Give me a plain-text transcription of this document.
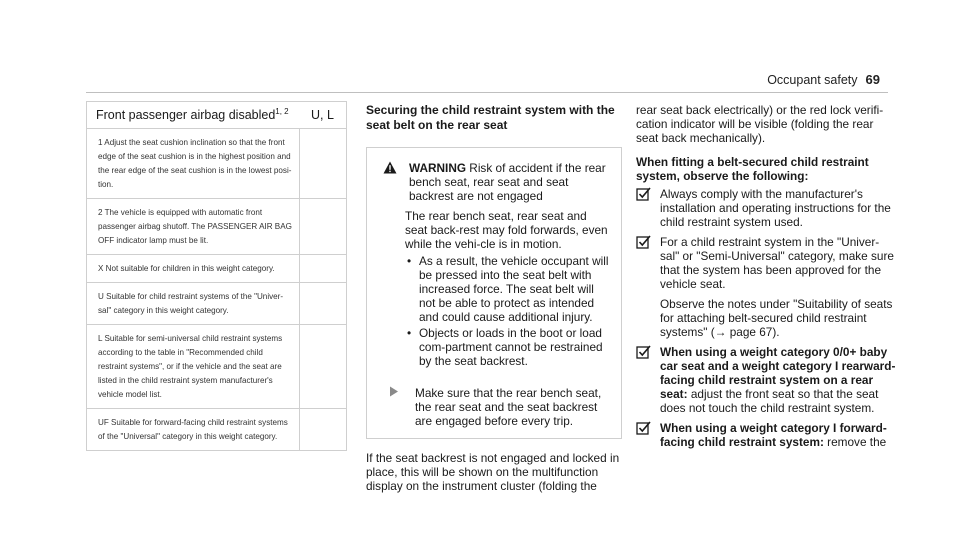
Occupant safety 69
Front passenger airbag disabled$^{1, 2}$	U, L
1 Adjust the seat cushion inclination so that the front edge of the seat cushion is in the highest position and the rear edge of the seat cushion is in the lowest posi-tion.
2 The vehicle is equipped with automatic front passenger airbag shutoff. The PASSENGER AIR BAG OFF indicator lamp must be lit.
X Not suitable for children in this weight category.
U Suitable for child restraint systems of the "Univer-sal" category in this weight category.
L Suitable for semi-universal child restraint systems according to the table in "Recommended child restraint systems", or if the vehicle and the seat are listed in the child restraint system manufacturer's vehicle model list.
UF Suitable for forward-facing child restraint systems of the "Universal" category in this weight category.

Securing the child restraint system with the seat belt on the rear seat

WARNING Risk of accident if the rear bench seat, rear seat and seat backrest are not engaged

The rear bench seat, rear seat and seat back-rest may fold forwards, even while the vehi-cle is in motion.

• As a result, the vehicle occupant will be pressed into the seat belt with increased force. The seat belt will not be able to protect as intended and could cause additional injury.
• Objects or loads in the boot or load com-partment cannot be restrained by the seat backrest.
Make sure that the rear bench seat, the rear seat and the seat backrest are engaged before every trip.

If the seat backrest is not engaged and locked in place, this will be shown on the multifunction display on the instrument cluster (folding the

rear seat back electrically) or the red lock verifi-cation indicator will be visible (folding the rear seat back mechanically).

When fitting a belt-secured child restraint system, observe the following:

Always comply with the manufacturer's installation and operating instructions for the child restraint system used.
For a child restraint system in the "Univer-sal" or "Semi-Universal" category, make sure that the system has been approved for the vehicle seat.
Observe the notes under "Suitability of seats for attaching belt-secured child restraint systems" (→ page 67).
When using a weight category 0/0+ baby car seat and a weight category I rearward-facing child restraint system on a rear seat: adjust the front seat so that the seat does not touch the child restraint system.
When using a weight category I forward-facing child restraint system: remove the
